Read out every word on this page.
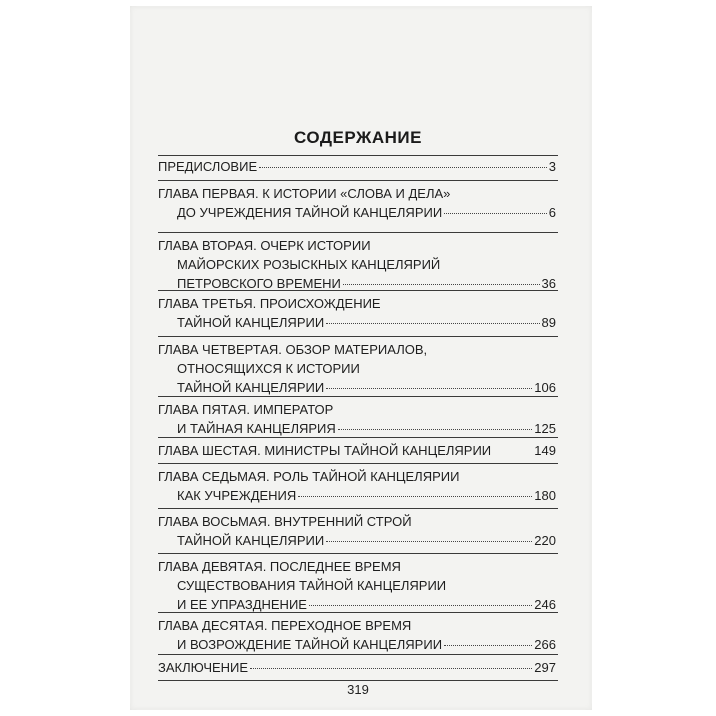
СОДЕРЖАНИЕ
ПРЕДИСЛОВИЕ	3
ГЛАВА ПЕРВАЯ. К ИСТОРИИ «СЛОВА И ДЕЛА»
ДО УЧРЕЖДЕНИЯ ТАЙНОЙ КАНЦЕЛЯРИИ	6
ГЛАВА ВТОРАЯ. ОЧЕРК ИСТОРИИ
МАЙОРСКИХ РОЗЫСКНЫХ КАНЦЕЛЯРИЙ
ПЕТРОВСКОГО ВРЕМЕНИ	36
ГЛАВА ТРЕТЬЯ. ПРОИСХОЖДЕНИЕ
ТАЙНОЙ КАНЦЕЛЯРИИ	89
ГЛАВА ЧЕТВЕРТАЯ. ОБЗОР МАТЕРИАЛОВ,
ОТНОСЯЩИХСЯ К ИСТОРИИ
ТАЙНОЙ КАНЦЕЛЯРИИ	106
ГЛАВА ПЯТАЯ. ИМПЕРАТОР
И ТАЙНАЯ КАНЦЕЛЯРИЯ	125
ГЛАВА ШЕСТАЯ. МИНИСТРЫ ТАЙНОЙ КАНЦЕЛЯРИИ	149
ГЛАВА СЕДЬМАЯ. РОЛЬ ТАЙНОЙ КАНЦЕЛЯРИИ
КАК УЧРЕЖДЕНИЯ	180
ГЛАВА ВОСЬМАЯ. ВНУТРЕННИЙ СТРОЙ
ТАЙНОЙ КАНЦЕЛЯРИИ	220
ГЛАВА ДЕВЯТАЯ. ПОСЛЕДНЕЕ ВРЕМЯ
СУЩЕСТВОВАНИЯ ТАЙНОЙ КАНЦЕЛЯРИИ
И ЕЕ УПРАЗДНЕНИЕ	246
ГЛАВА ДЕСЯТАЯ. ПЕРЕХОДНОЕ ВРЕМЯ
И ВОЗРОЖДЕНИЕ ТАЙНОЙ КАНЦЕЛЯРИИ	266
ЗАКЛЮЧЕНИЕ	297
319
